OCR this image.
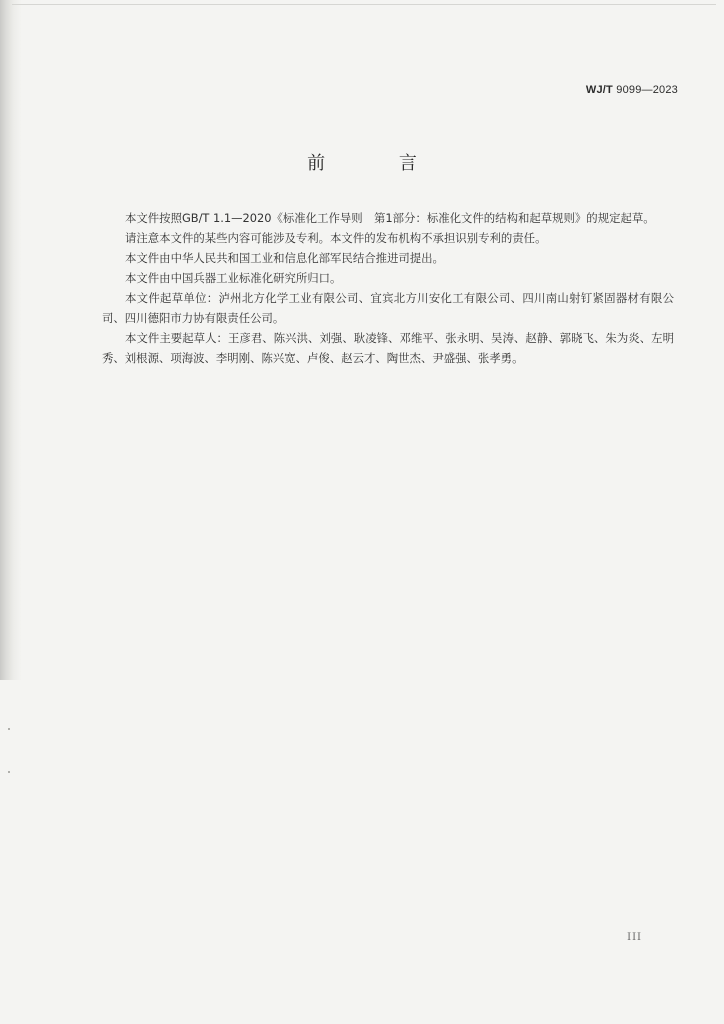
WJ/T 9099—2023
前 言

本文件按照GB/T 1.1—2020《标准化工作导则　第1部分：标准化文件的结构和起草规则》的规定起草。

请注意本文件的某些内容可能涉及专利。本文件的发布机构不承担识别专利的责任。

本文件由中华人民共和国工业和信息化部军民结合推进司提出。

本文件由中国兵器工业标准化研究所归口。

本文件起草单位：泸州北方化学工业有限公司、宜宾北方川安化工有限公司、四川南山射钉紧固器材有限公司、四川德阳市力协有限责任公司。

本文件主要起草人：王彦君、陈兴洪、刘强、耿凌锋、邓维平、张永明、吴涛、赵静、郭晓飞、朱为炎、左明秀、刘根源、项海波、李明刚、陈兴宽、卢俊、赵云才、陶世杰、尹盛强、张孝勇。

III
